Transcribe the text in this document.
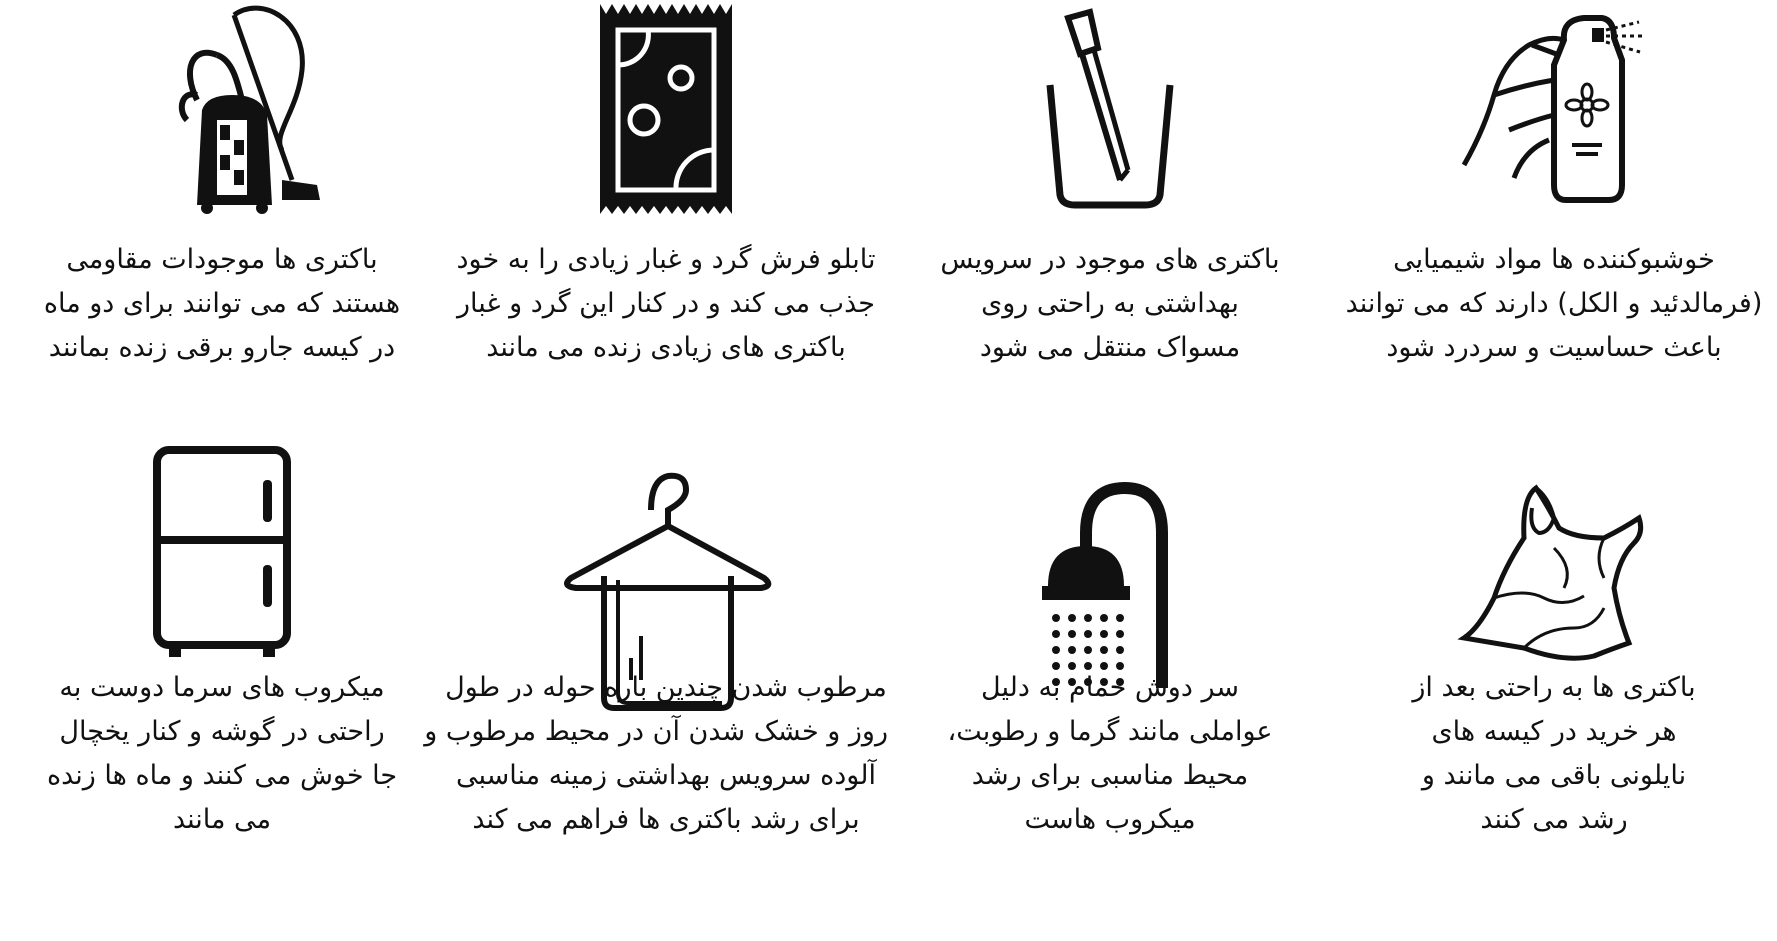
باکتری ها موجودات مقاومی
هستند که می توانند برای دو ماه
در کیسه جارو برقی زنده بمانند

تابلو فرش گرد و غبار زیادی را به خود
جذب می کند و در کنار این گرد و غبار
باکتری های زیادی زنده می مانند

باکتری های موجود در سرویس
بهداشتی به راحتی روی
مسواک منتقل می شود

خوشبوکننده ها مواد شیمیایی
(فرمالدئید و الکل) دارند که می توانند
باعث حساسیت و سردرد شود

میکروب های سرما دوست به
راحتی در گوشه و کنار یخچال
جا خوش می کنند و ماه ها زنده
می مانند

مرطوب شدن چندین باره حوله در طول
روز و خشک شدن آن در محیط مرطوب و
آلوده سرویس بهداشتی زمینه مناسبی
برای رشد باکتری ها فراهم می کند

سر دوش حمام به دلیل
عواملی مانند گرما و رطوبت،
محیط مناسبی برای رشد
میکروب هاست

باکتری ها به راحتی بعد از
هر خرید در کیسه های
نایلونی باقی می مانند و
رشد می کنند
